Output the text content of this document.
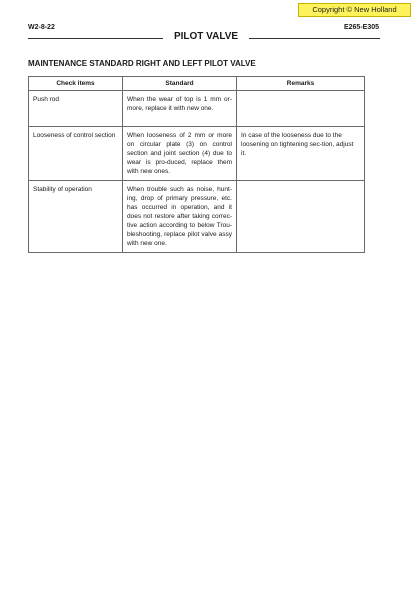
Copyright © New Holland
W2-8-22	E265-E305
PILOT VALVE
MAINTENANCE STANDARD RIGHT AND LEFT PILOT VALVE
Check items	Standard	Remarks
Push rod	When the wear of top is 1 mm or-more, replace it with new one.	
Looseness of control section	When looseness of 2 mm or more on circular plate (3) on control section and joint section (4) due to wear is pro-duced, replace them with new ones.	In case of the looseness due to the loosening on tightening sec-tion, adjust it.
Stability of operation	When trouble such as noise, hunt-ing, drop of primary pressure, etc. has occurred in operation, and it does not restore after taking correc-tive action according to below Trou-bleshooting, replace pilot valve assy with new one.	
